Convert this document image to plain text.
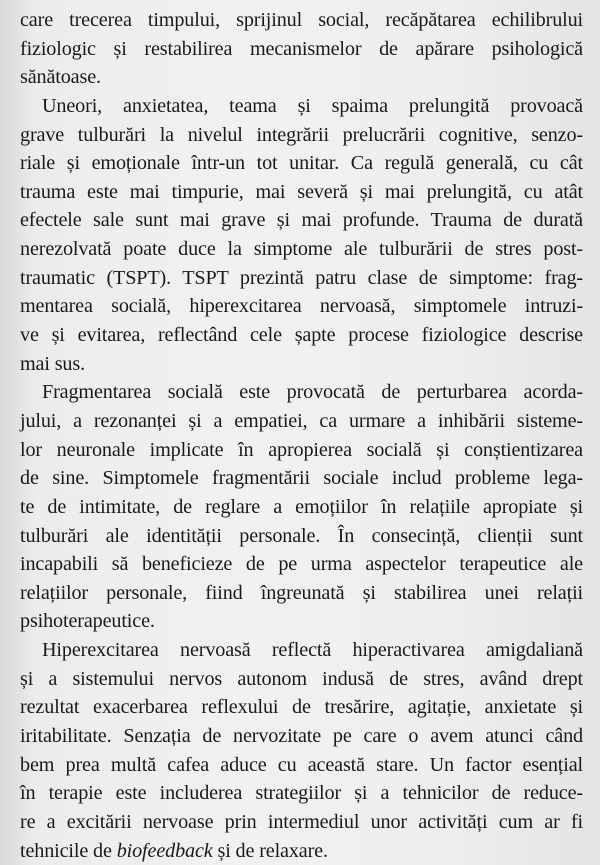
care trecerea timpului, sprijinul social, recăpătarea echilibrului
fiziologic și restabilirea mecanismelor de apărare psihologică
sănătoase.
Uneori, anxietatea, teama și spaima prelungită provoacă
grave tulburări la nivelul integrării prelucrării cognitive, senzo-
riale și emoționale într-un tot unitar. Ca regulă generală, cu cât
trauma este mai timpurie, mai severă și mai prelungită, cu atât
efectele sale sunt mai grave și mai profunde. Trauma de durată
nerezolvată poate duce la simptome ale tulburării de stres post-
traumatic (TSPT). TSPT prezintă patru clase de simptome: frag-
mentarea socială, hiperexcitarea nervoasă, simptomele intruzi-
ve și evitarea, reflectând cele șapte procese fiziologice descrise
mai sus.
Fragmentarea socială este provocată de perturbarea acorda-
jului, a rezonanței și a empatiei, ca urmare a inhibării sisteme-
lor neuronale implicate în apropierea socială și conștientizarea
de sine. Simptomele fragmentării sociale includ probleme lega-
te de intimitate, de reglare a emoțiilor în relațiile apropiate și
tulburări ale identității personale. În consecință, clienții sunt
incapabili să beneficieze de pe urma aspectelor terapeutice ale
relațiilor personale, fiind îngreunată și stabilirea unei relații
psihoterapeutice.
Hiperexcitarea nervoasă reflectă hiperactivarea amigdaliană
și a sistemului nervos autonom indusă de stres, având drept
rezultat exacerbarea reflexului de tresărire, agitație, anxietate și
iritabilitate. Senzația de nervozitate pe care o avem atunci când
bem prea multă cafea aduce cu această stare. Un factor esențial
în terapie este includerea strategiilor și a tehnicilor de reduce-
re a excitării nervoase prin intermediul unor activități cum ar fi
tehnicile de biofeedback și de relaxare.
